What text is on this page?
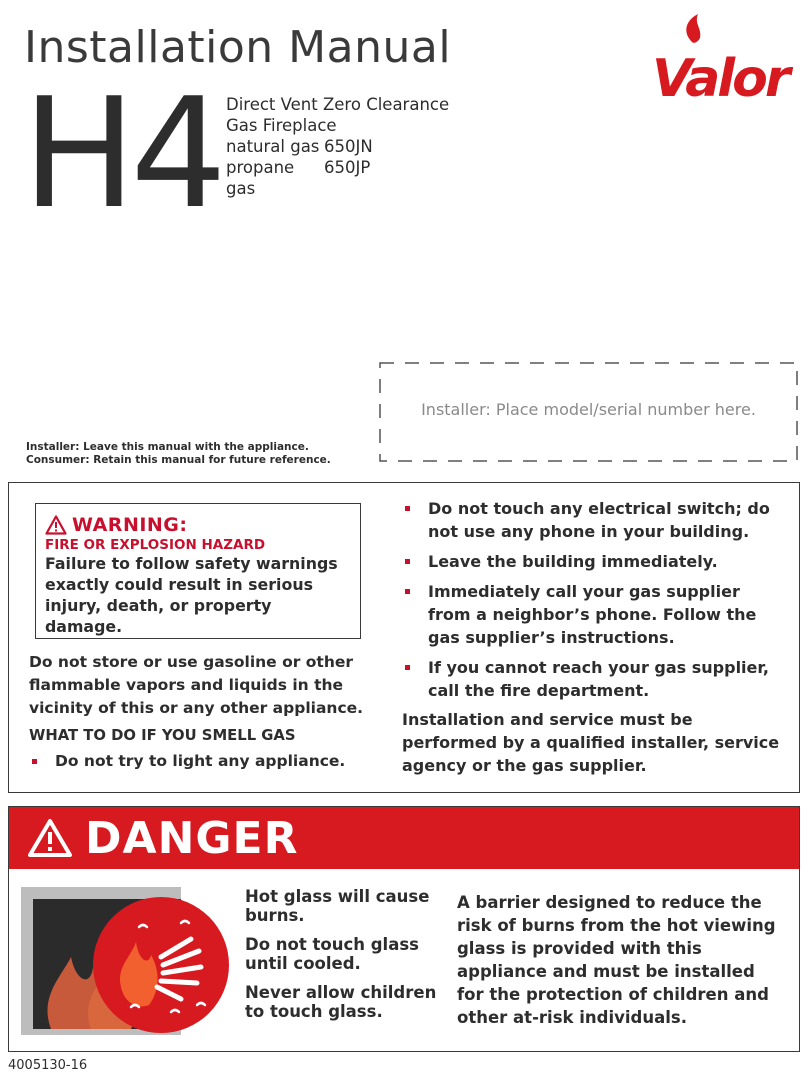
Installation Manual
H4 Direct Vent Zero Clearance
Gas Fireplace
natural gas 650JN
propane gas
650JP
Valor
Installer: Place model/serial number here.
Installer: Leave this manual with the appliance.
Consumer: Retain this manual for future reference.
WARNING:
FIRE OR EXPLOSION HAZARD
Failure to follow safety warnings exactly could result in serious injury, death, or property damage.
Do not store or use gasoline or other flammable vapors and liquids in the vicinity of this or any other appliance.
WHAT TO DO IF YOU SMELL GAS
Do not try to light any appliance.
Do not touch any electrical switch; do not use any phone in your building.
Leave the building immediately.
Immediately call your gas supplier from a neighbor’s phone. Follow the gas supplier’s instructions.
If you cannot reach your gas supplier, call the fire department.
Installation and service must be performed by a qualified installer, service agency or the gas supplier.
DANGER

Hot glass will cause burns.

Do not touch glass until cooled.

Never allow children to touch glass.

A barrier designed to reduce the risk of burns from the hot viewing glass is provided with this appliance and must be installed for the protection of children and other at-risk individuals.
4005130-16
